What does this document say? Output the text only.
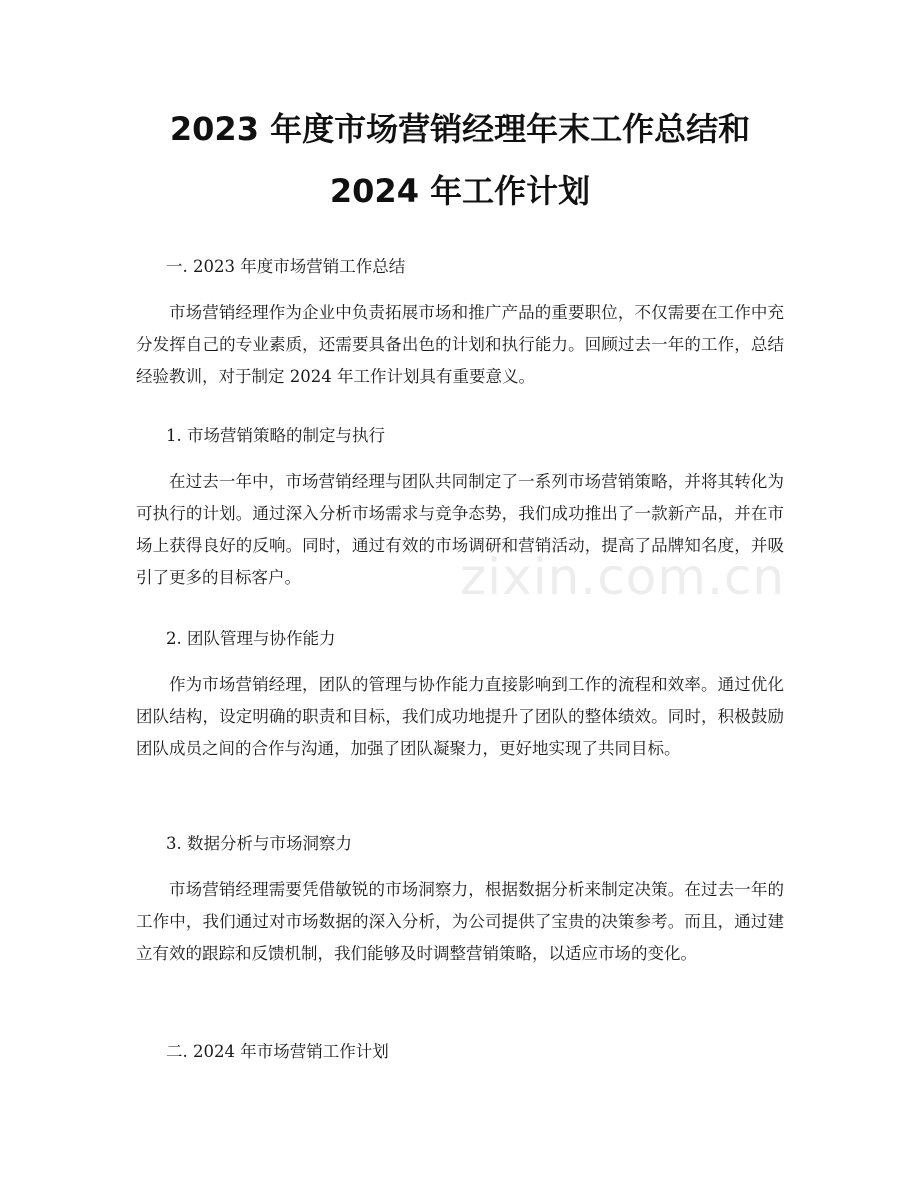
2023 年度市场营销经理年末工作总结和 2024 年工作计划

一. 2023 年度市场营销工作总结

市场营销经理作为企业中负责拓展市场和推广产品的重要职位，不仅需要在工作中充分发挥自己的专业素质，还需要具备出色的计划和执行能力。回顾过去一年的工作，总结经验教训，对于制定 2024 年工作计划具有重要意义。

1. 市场营销策略的制定与执行

在过去一年中，市场营销经理与团队共同制定了一系列市场营销策略，并将其转化为可执行的计划。通过深入分析市场需求与竞争态势，我们成功推出了一款新产品，并在市场上获得良好的反响。同时，通过有效的市场调研和营销活动，提高了品牌知名度，并吸引了更多的目标客户。

2. 团队管理与协作能力

作为市场营销经理，团队的管理与协作能力直接影响到工作的流程和效率。通过优化团队结构，设定明确的职责和目标，我们成功地提升了团队的整体绩效。同时，积极鼓励团队成员之间的合作与沟通，加强了团队凝聚力，更好地实现了共同目标。

3. 数据分析与市场洞察力

市场营销经理需要凭借敏锐的市场洞察力，根据数据分析来制定决策。在过去一年的工作中，我们通过对市场数据的深入分析，为公司提供了宝贵的决策参考。而且，通过建立有效的跟踪和反馈机制，我们能够及时调整营销策略，以适应市场的变化。

二. 2024 年市场营销工作计划

zixin.com.cn
